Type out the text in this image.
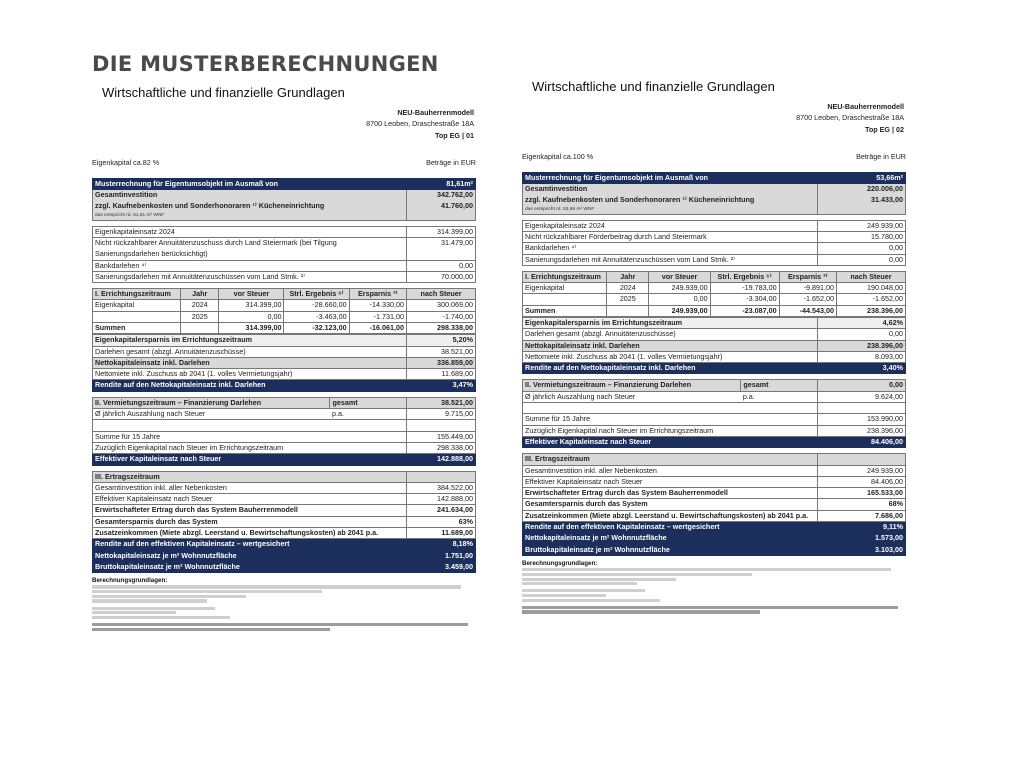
DIE MUSTERBERECHNUNGEN
Wirtschaftliche und finanzielle Grundlagen
NEU-Bauherrenmodell
8700 Leoben, Draschestraße 18A
Top EG | 01
Eigenkapital ca.82 %	Beträge in EUR
Musterrechnung für Eigentumsobjekt im Ausmaß von	81,61m²
Gesamtinvestition	342.762,00
zzgl. Kaufnebenkosten und Sonderhonoraren ¹⁾ Kücheneinrichtung	41.760,00
das entspricht rd. 81,61 m² WNF	
Eigenkapitaleinsatz 2024	314.399,00
Nicht rückzahlbarer Annuitätenzuschuss durch Land Steiermark (bei Tilgung	31.479,00
Sanierungsdarlehen berücksichtigt)	
Bankdarlehen ⁴⁾	0,00
Sanierungsdarlehen mit Annuitätenzuschüssen vom Land Stmk. ²⁾	70.000,00
I. Errichtungszeitraum	Jahr	vor Steuer	Strl. Ergebnis ⁶⁾	Ersparnis ³⁾	nach Steuer
Eigenkapital	2024	314.399,00	-28.660,00	-14.330,00	300.069,00
	2025	0,00	-3.463,00	-1.731,00	-1.740,00
Summen		314.399,00	-32.123,00	-16.061,00	298.338,00
Eigenkapitalersparnis im Errichtungszeitraum	5,20%
Darlehen gesamt (abzgl. Annuitätenzuschüsse)	38.521,00
Nettokapitaleinsatz inkl. Darlehen	336.859,00
Nettomiete inkl. Zuschuss ab 2041 (1. volles Vermietungsjahr)	11.689,00
Rendite auf den Nettokapitaleinsatz inkl. Darlehen	3,47%
II. Vermietungszeitraum – Finanzierung Darlehen	gesamt	38.521,00
Ø jährlich Auszahlung nach Steuer	p.a.	9.715,00

Summe für 15 Jahre		155.449,00
Zuzüglich Eigenkapital nach Steuer im Errichtungszeitraum		298.338,00
Effektiver Kapitaleinsatz nach Steuer		142.888,00
III. Ertragszeitraum	
Gesamtinvestition inkl. aller Nebenkosten	384.522,00
Effektiver Kapitaleinsatz nach Steuer	142.888,00
Erwirtschafteter Ertrag durch das System Bauherrenmodell	241.634,00
Gesamtersparnis durch das System	63%
Zusatzeinkommen (Miete abzgl. Leerstand u. Bewirtschaftungskosten) ab 2041 p.a.	11.689,00
Rendite auf den effektiven Kapitaleinsatz – wertgesichert	8,18%
Nettokapitaleinsatz je m² Wohnnutzfläche	1.751,00
Bruttokapitaleinsatz je m² Wohnnutzfläche	3.459,00
Berechnungsgrundlagen:
Wirtschaftliche und finanzielle Grundlagen
NEU-Bauherrenmodell
8700 Leoben, Draschestraße 18A
Top EG | 02
Eigenkapital ca.100 %	Beträge in EUR
Musterrechnung für Eigentumsobjekt im Ausmaß von	53,66m²
Gesamtinvestition	220.006,00
zzgl. Kaufnebenkosten und Sonderhonoraren ¹⁾ Kücheneinrichtung	31.433,00
das entspricht rd. 53,66 m² WNF	
Eigenkapitaleinsatz 2024	249.939,00
Nicht rückzahlbarer Förderbeitrag durch Land Steiermark	15.780,00
Bankdarlehen ⁴⁾	0,00
Sanierungsdarlehen mit Annuitätenzuschüssen vom Land Stmk. ²⁾	0,00
I. Errichtungszeitraum	Jahr	vor Steuer	Strl. Ergebnis ⁶⁾	Ersparnis ³⁾	nach Steuer
Eigenkapital	2024	249.939,00	-19.783,00	-9.891,00	190.048,00
	2025	0,00	-3.304,00	-1.652,00	-1.652,00
Summen		249.939,00	-23.087,00	-44.543,00	238.396,00
Eigenkapitalersparnis im Errichtungszeitraum	4,62%
Darlehen gesamt (abzgl. Annuitätenzuschüsse)	0,00
Nettokapitaleinsatz inkl. Darlehen	238.396,00
Nettomiete inkl. Zuschuss ab 2041 (1. volles Vermietungsjahr)	8.093,00
Rendite auf den Nettokapitaleinsatz inkl. Darlehen	3,40%
II. Vermietungszeitraum – Finanzierung Darlehen	gesamt	0,00
Ø jährlich Auszahlung nach Steuer	p.a.	9.624,00

Summe für 15 Jahre		153.990,00
Zuzüglich Eigenkapital nach Steuer im Errichtungszeitraum		238.396,00
Effektiver Kapitaleinsatz nach Steuer		84.406,00
III. Ertragszeitraum	
Gesamtinvestition inkl. aller Nebenkosten	249.939,00
Effektiver Kapitaleinsatz nach Steuer	84.406,00
Erwirtschafteter Ertrag durch das System Bauherrenmodell	165.533,00
Gesamtersparnis durch das System	68%
Zusatzeinkommen (Miete abzgl. Leerstand u. Bewirtschaftungskosten) ab 2041 p.a.	7.686,00
Rendite auf den effektiven Kapitaleinsatz – wertgesichert	9,11%
Nettokapitaleinsatz je m² Wohnnutzfläche	1.573,00
Bruttokapitaleinsatz je m² Wohnnutzfläche	3.103,00
Berechnungsgrundlagen:
